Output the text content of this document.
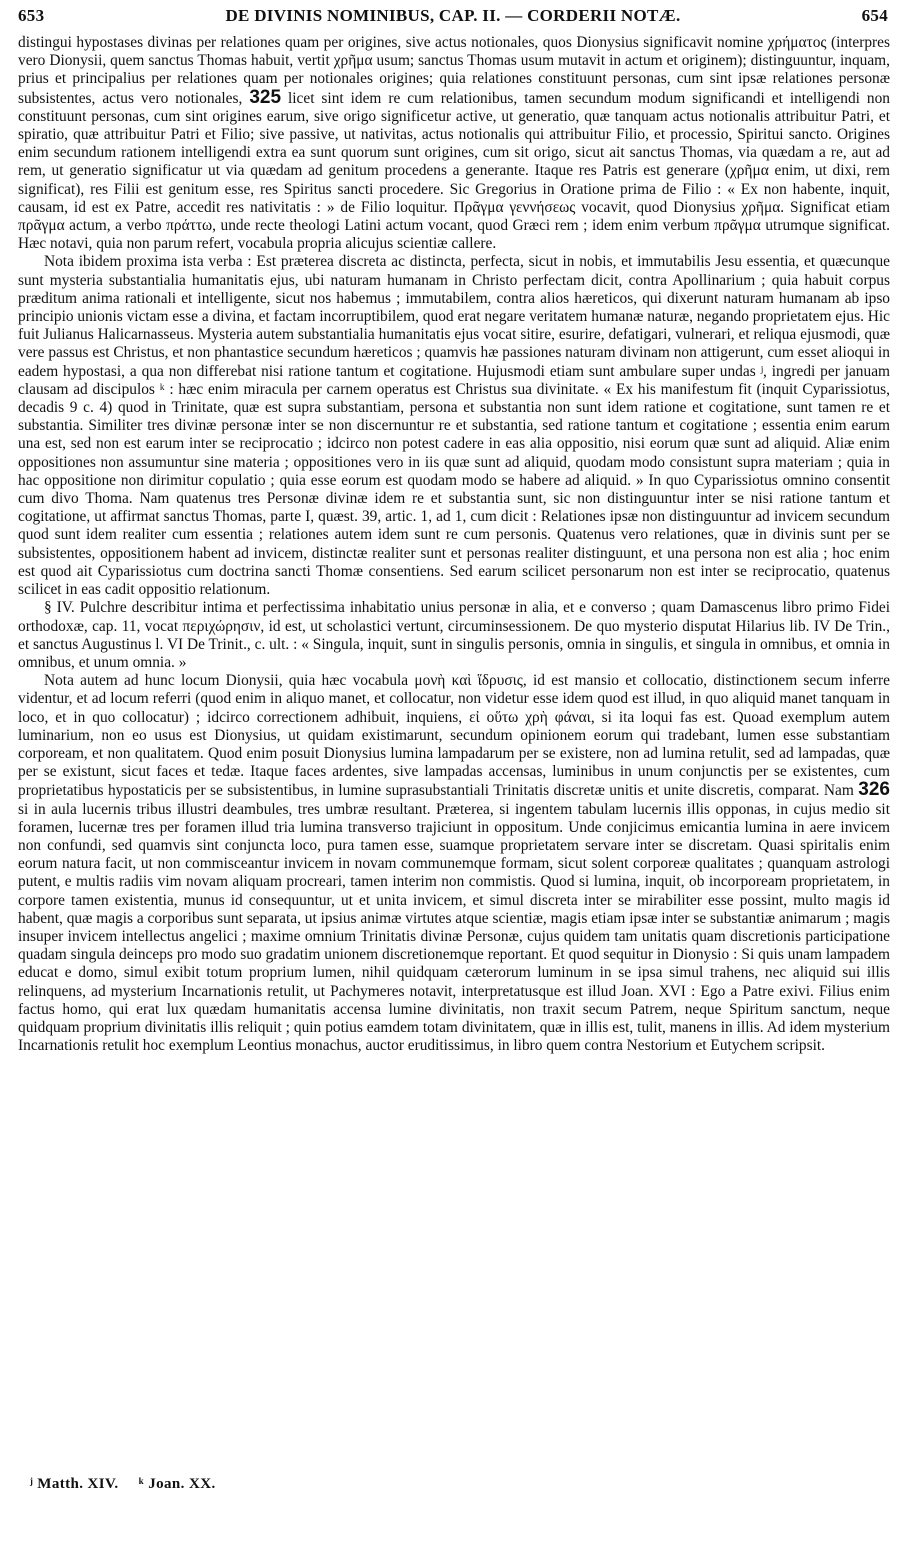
653	DE DIVINIS NOMINIBUS, CAP. II. — CORDERII NOTÆ.	654

distingui hypostases divinas per relationes quam per origines, sive actus notionales, quos Dionysius significavit nomine χρήματος (interpres vero Dionysii, quem sanctus Thomas habuit, vertit χρῆμα usum; sanctus Thomas usum mutavit in actum et originem); distinguuntur, inquam, prius et principalius per relationes quam per notionales origines; quia relationes constituunt personas, cum sint ipsæ relationes personæ subsistentes, actus vero notionales, 325 licet sint idem re cum relationibus, tamen secundum modum significandi et intelligendi non constituunt personas, cum sint origines earum, sive origo significetur active, ut generatio, quæ tanquam actus notionalis attribuitur Patri, et spiratio, quæ attribuitur Patri et Filio; sive passive, ut nativitas, actus notionalis qui attribuitur Filio, et processio, Spiritui sancto. Origines enim secundum rationem intelligendi extra ea sunt quorum sunt origines, cum sit origo, sicut ait sanctus Thomas, via quædam a re, aut ad rem, ut generatio significatur ut via quædam ad genitum procedens a generante. Itaque res Patris est generare (χρῆμα enim, ut dixi, rem significat), res Filii est genitum esse, res Spiritus sancti procedere. Sic Gregorius in Oratione prima de Filio : « Ex non habente, inquit, causam, id est ex Patre, accedit res nativitatis : » de Filio loquitur. Πρᾶγμα γεννήσεως vocavit, quod Dionysius χρῆμα. Significat etiam πρᾶγμα actum, a verbo πράττω, unde recte theologi Latini actum vocant, quod Græci rem ; idem enim verbum πρᾶγμα utrumque significat. Hæc notavi, quia non parum refert, vocabula propria alicujus scientiæ callere.

Nota ibidem proxima ista verba : Est præterea discreta ac distincta, perfecta, sicut in nobis, et immutabilis Jesu essentia, et quæcunque sunt mysteria substantialia humanitatis ejus, ubi naturam humanam in Christo perfectam dicit, contra Apollinarium ; quia habuit corpus præditum anima rationali et intelligente, sicut nos habemus ; immutabilem, contra alios hæreticos, qui dixerunt naturam humanam ab ipso principio unionis victam esse a divina, et factam incorruptibilem, quod erat negare veritatem humanæ naturæ, negando proprietatem ejus. Hic fuit Julianus Halicarnasseus. Mysteria autem substantialia humanitatis ejus vocat sitire, esurire, defatigari, vulnerari, et reliqua ejusmodi, quæ vere passus est Christus, et non phantastice secundum hæreticos ; quamvis hæ passiones naturam divinam non attigerunt, cum esset alioqui in eadem hypostasi, a qua non differebat nisi ratione tantum et cogitatione. Hujusmodi etiam sunt ambulare super undas ʲ, ingredi per januam clausam ad discipulos ᵏ : hæc enim miracula per carnem operatus est Christus sua divinitate. « Ex his manifestum fit (inquit Cyparissiotus, decadis 9 c. 4) quod in Trinitate, quæ est supra substantiam, persona et substantia non sunt idem ratione et cogitatione, sunt tamen re et substantia. Similiter tres divinæ personæ inter se non discernuntur re et substantia, sed ratione tantum et cogitatione ; essentia enim earum una est, sed non est earum inter se reciprocatio ; idcirco non potest cadere in eas alia oppositio, nisi eorum quæ sunt ad aliquid. Aliæ enim oppositiones non assumuntur sine materia ; oppositiones vero in iis quæ sunt ad aliquid, quodam modo consistunt supra materiam ; quia in hac oppositione non dirimitur copulatio ; quia esse eorum est quodam modo se habere ad aliquid. » In quo Cyparissiotus omnino consentit cum divo Thoma. Nam quatenus tres Personæ divinæ idem re et substantia sunt, sic non distinguuntur inter se nisi ratione tantum et cogitatione, ut affirmat sanctus Thomas, parte I, quæst. 39, artic. 1, ad 1, cum dicit : Relationes ipsæ non distinguuntur ad invicem secundum quod sunt idem realiter cum essentia ; relationes autem idem sunt re cum personis. Quatenus vero relationes, quæ in divinis sunt per se subsistentes, oppositionem habent ad invicem, distinctæ realiter sunt et personas realiter distinguunt, et una persona non est alia ; hoc enim est quod ait Cyparissiotus cum doctrina sancti Thomæ consentiens. Sed earum scilicet personarum non est inter se reciprocatio, quatenus scilicet in eas cadit oppositio relationum.

§ IV. Pulchre describitur intima et perfectissima inhabitatio unius personæ in alia, et e converso ; quam Damascenus libro primo Fidei orthodoxæ, cap. 11, vocat περιχώρησιν, id est, ut scholastici vertunt, circuminsessionem. De quo mysterio disputat Hilarius lib. IV De Trin., et sanctus Augustinus l. VI De Trinit., c. ult. : « Singula, inquit, sunt in singulis personis, omnia in singulis, et singula in omnibus, et omnia in omnibus, et unum omnia. »

Nota autem ad hunc locum Dionysii, quia hæc vocabula μονὴ καὶ ἵδρυσις, id est mansio et collocatio, distinctionem secum inferre videntur, et ad locum referri (quod enim in aliquo manet, et collocatur, non videtur esse idem quod est illud, in quo aliquid manet tanquam in loco, et in quo collocatur) ; idcirco correctionem adhibuit, inquiens, εἰ οὕτω χρὴ φάναι, si ita loqui fas est. Quoad exemplum autem luminarium, non eo usus est Dionysius, ut quidam existimarunt, secundum opinionem eorum qui tradebant, lumen esse substantiam corpoream, et non qualitatem. Quod enim posuit Dionysius lumina lampadarum per se existere, non ad lumina retulit, sed ad lampadas, quæ per se existunt, sicut faces et tedæ. Itaque faces ardentes, sive lampadas accensas, luminibus in unum conjunctis per se existentes, cum proprietatibus hypostaticis per se subsistentibus, in lumine suprasubstantiali Trinitatis discretæ unitis et unite discretis, comparat. Nam 326 si in aula lucernis tribus illustri deambules, tres umbræ resultant. Præterea, si ingentem tabulam lucernis illis opponas, in cujus medio sit foramen, lucernæ tres per foramen illud tria lumina transverso trajiciunt in oppositum. Unde conjicimus emicantia lumina in aere invicem non confundi, sed quamvis sint conjuncta loco, pura tamen esse, suamque proprietatem servare inter se discretam. Quasi spiritalis enim eorum natura facit, ut non commisceantur invicem in novam communemque formam, sicut solent corporeæ qualitates ; quanquam astrologi putent, e multis radiis vim novam aliquam procreari, tamen interim non commistis. Quod si lumina, inquit, ob incorpoream proprietatem, in corpore tamen existentia, munus id consequuntur, ut et unita invicem, et simul discreta inter se mirabiliter esse possint, multo magis id habent, quæ magis a corporibus sunt separata, ut ipsius animæ virtutes atque scientiæ, magis etiam ipsæ inter se substantiæ animarum ; magis insuper invicem intellectus angelici ; maxime omnium Trinitatis divinæ Personæ, cujus quidem tam unitatis quam discretionis participatione quadam singula deinceps pro modo suo gradatim unionem discretionemque reportant. Et quod sequitur in Dionysio : Si quis unam lampadem educat e domo, simul exibit totum proprium lumen, nihil quidquam cæterorum luminum in se ipsa simul trahens, nec aliquid sui illis relinquens, ad mysterium Incarnationis retulit, ut Pachymeres notavit, interpretatusque est illud Joan. XVI : Ego a Patre exivi. Filius enim factus homo, qui erat lux quædam humanitatis accensa lumine divinitatis, non traxit secum Patrem, neque Spiritum sanctum, neque quidquam proprium divinitatis illis reliquit ; quin potius eamdem totam divinitatem, quæ in illis est, tulit, manens in illis. Ad idem mysterium Incarnationis retulit hoc exemplum Leontius monachus, auctor eruditissimus, in libro quem contra Nestorium et Eutychem scripsit.

ʲ Matth. XIV. ᵏ Joan. XX.
